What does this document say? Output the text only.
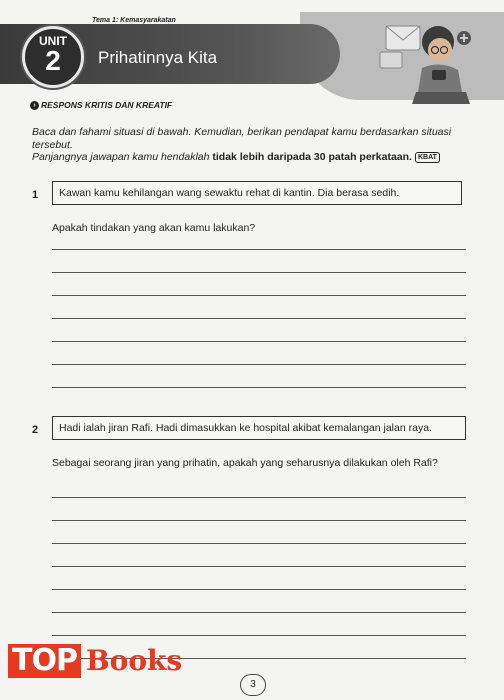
Tema 1: Kemasyarakatan
UNIT
2	Prihatinnya Kita
› RESPONS KRITIS DAN KREATIF
Baca dan fahami situasi di bawah. Kemudian, berikan pendapat kamu berdasarkan situasi tersebut.
Panjangnya jawapan kamu hendaklah tidak lebih daripada 30 patah perkataan. KBAT
1	Kawan kamu kehilangan wang sewaktu rehat di kantin. Dia berasa sedih.
Apakah tindakan yang akan kamu lakukan?
2	Hadi ialah jiran Rafi. Hadi dimasukkan ke hospital akibat kemalangan jalan raya.
Sebagai seorang jiran yang prihatin, apakah yang seharusnya dilakukan oleh Rafi?
TOP Books
3
